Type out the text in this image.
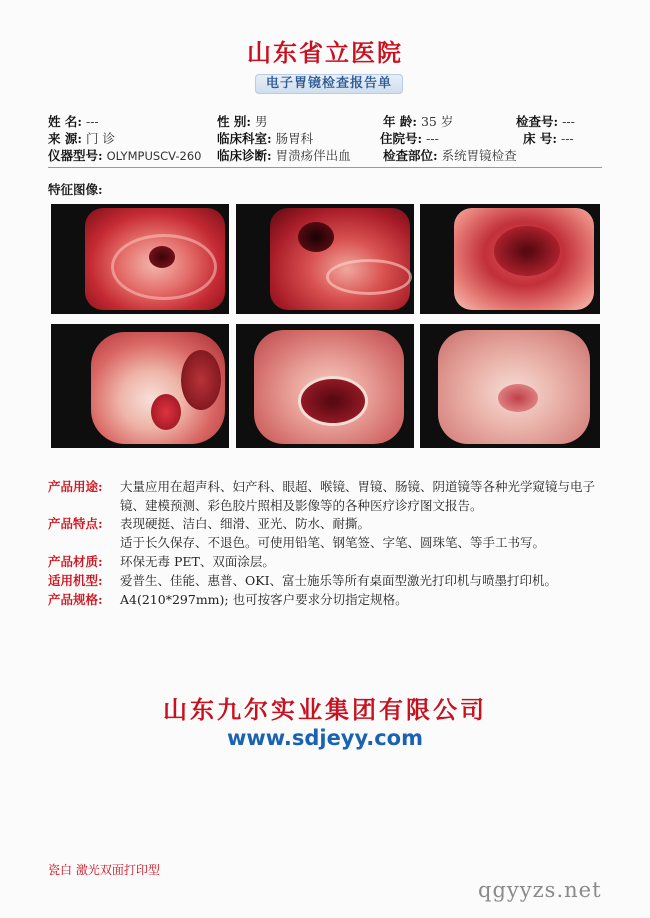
山东省立医院
电子胃镜检查报告单
姓 名: ---	性 别: 男	年 龄: 35 岁	检查号: ---
来 源: 门 诊	临床科室: 肠胃科	住院号: ---	床 号: ---
仪器型号: OLYMPUSCV-260 临床诊断: 胃溃疡伴出血	检查部位: 系统胃镜检查
特征图像:
产品用途: 大量应用在超声科、妇产科、眼超、喉镜、胃镜、肠镜、阴道镜等各种光学窥镜与电子
镜、建模预测、彩色胶片照相及影像等的各种医疗诊疗图文报告。
产品特点: 表现硬挺、洁白、细滑、亚光、防水、耐撕。
适于长久保存、不退色。可使用铅笔、钢笔签、字笔、圆珠笔、等手工书写。
产品材质: 环保无毒 PET、双面涂层。
适用机型: 爱普生、佳能、惠普、OKI、富士施乐等所有桌面型激光打印机与喷墨打印机。
产品规格: A4(210*297mm); 也可按客户要求分切指定规格。
山东九尔实业集团有限公司
www.sdjeyy.com
瓷白 激光双面打印型
qgyyzs.net
